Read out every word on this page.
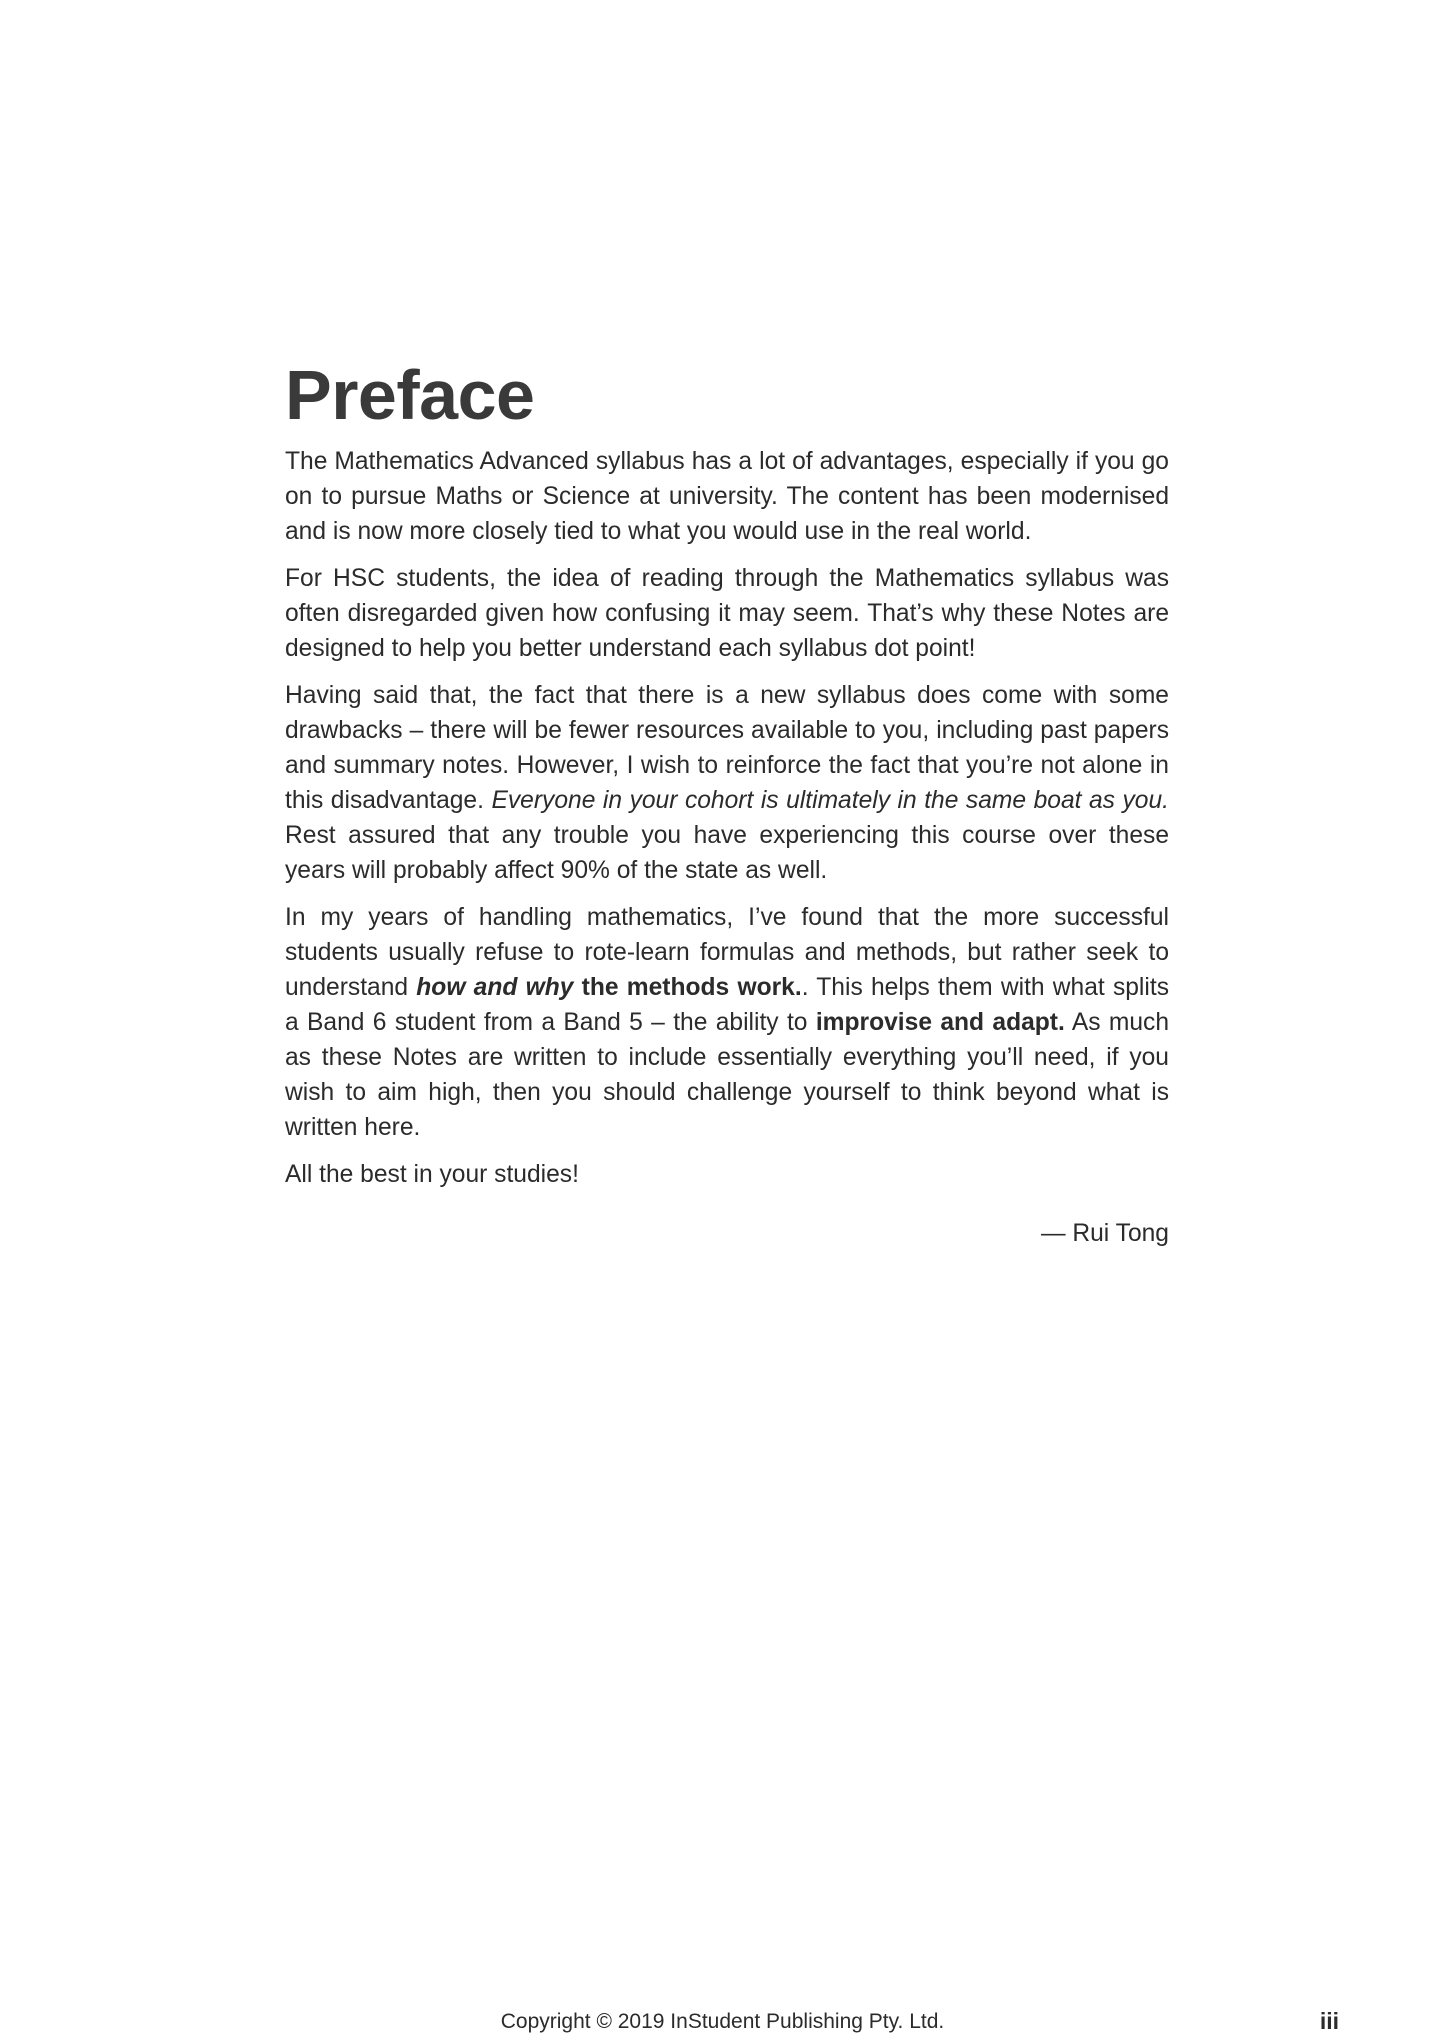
Preface

The Mathematics Advanced syllabus has a lot of advantages, especially if you go on to pursue Maths or Science at university. The content has been modernised and is now more closely tied to what you would use in the real world.

For HSC students, the idea of reading through the Mathematics syllabus was often disregarded given how confusing it may seem. That’s why these Notes are designed to help you better understand each syllabus dot point!

Having said that, the fact that there is a new syllabus does come with some drawbacks – there will be fewer resources available to you, including past papers and summary notes. However, I wish to reinforce the fact that you’re not alone in this disadvantage. Everyone in your cohort is ultimately in the same boat as you. Rest assured that any trouble you have experiencing this course over these years will probably affect 90% of the state as well.

In my years of handling mathematics, I’ve found that the more successful students usually refuse to rote-learn formulas and methods, but rather seek to understand how and why the methods work.. This helps them with what splits a Band 6 student from a Band 5 – the ability to improvise and adapt. As much as these Notes are written to include essentially everything you’ll need, if you wish to aim high, then you should challenge yourself to think beyond what is written here.

All the best in your studies!

— Rui Tong
Copyright © 2019 InStudent Publishing Pty. Ltd.	iii
